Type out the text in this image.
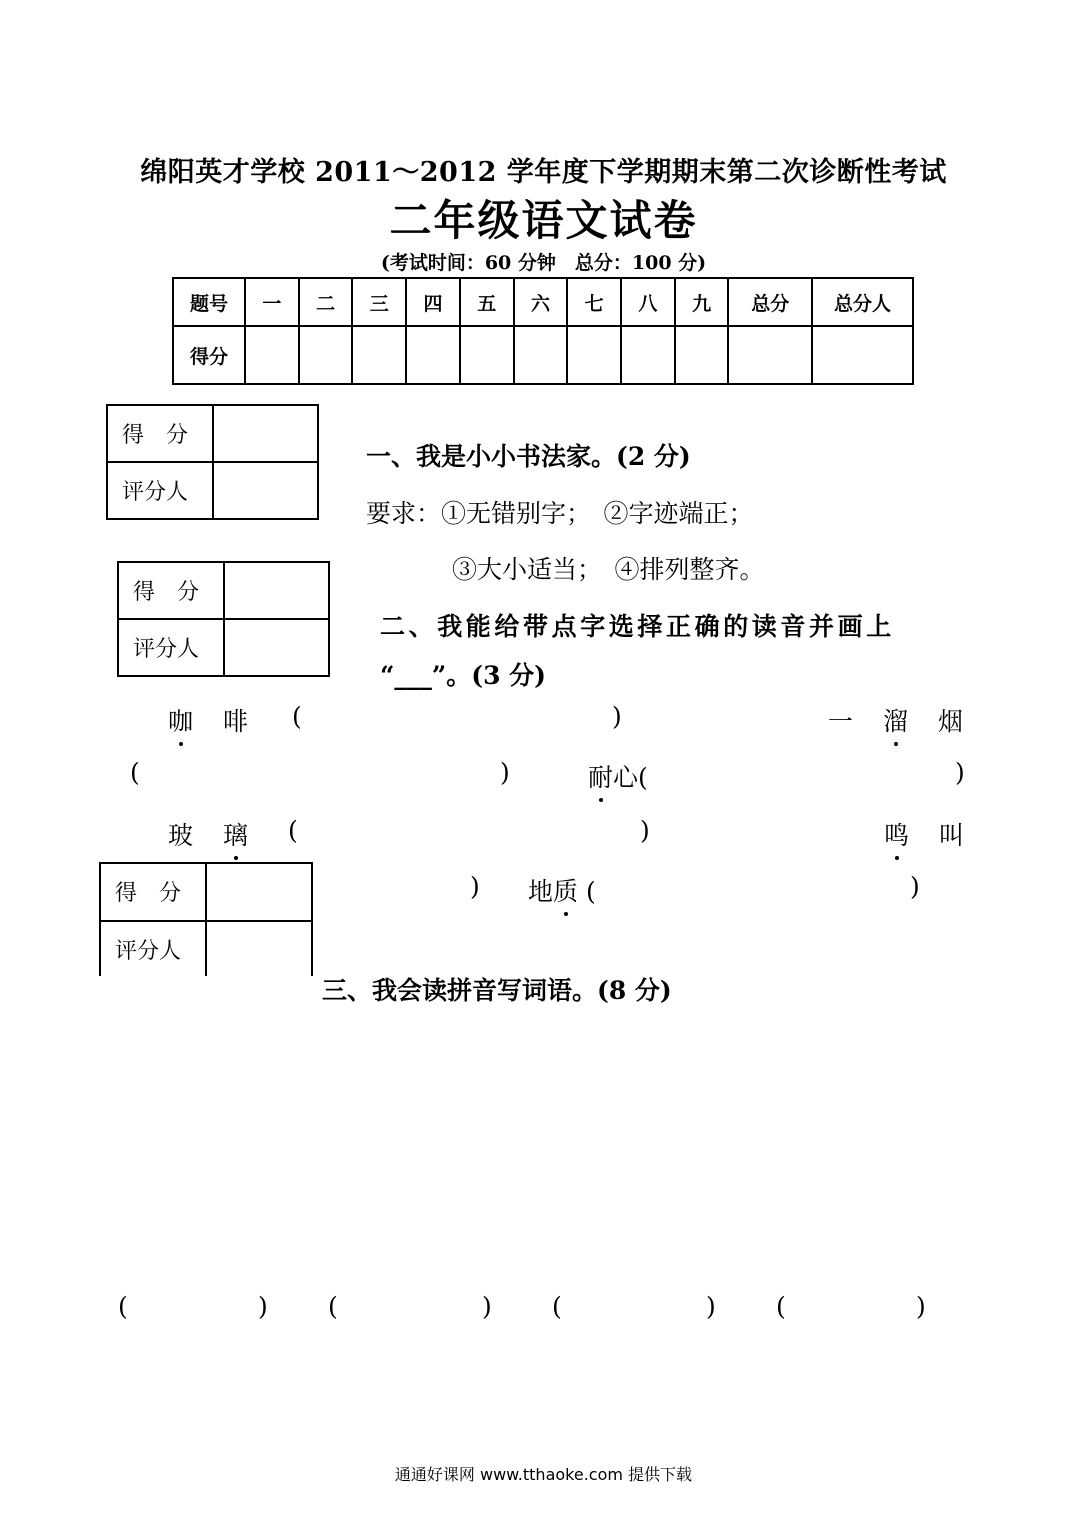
绵阳英才学校 2011～2012 学年度下学期期末第二次诊断性考试
二年级语文试卷
(考试时间：60 分钟　总分：100 分)
题号	一	二	三	四	五	六	七	八	九	总分	总分人
得分											
得　分	
评分人	
一、我是小小书法家。(2 分)
要求：①无错别字；　②字迹端正；
③大小适当；　④排列整齐。
得　分	
评分人	
二、我能给带点字选择正确的读音并画上
“___”。(3 分)
咖 啡 (	)	一 溜 烟
(	)	耐心(	)
玻 璃 (	)	鸣 叫
得　分
评分人
) 地质 (	)
三、我会读拼音写词语。(8 分)
(	) (	) (	) (	)
通通好课网 www.tthaoke.com 提供下载
